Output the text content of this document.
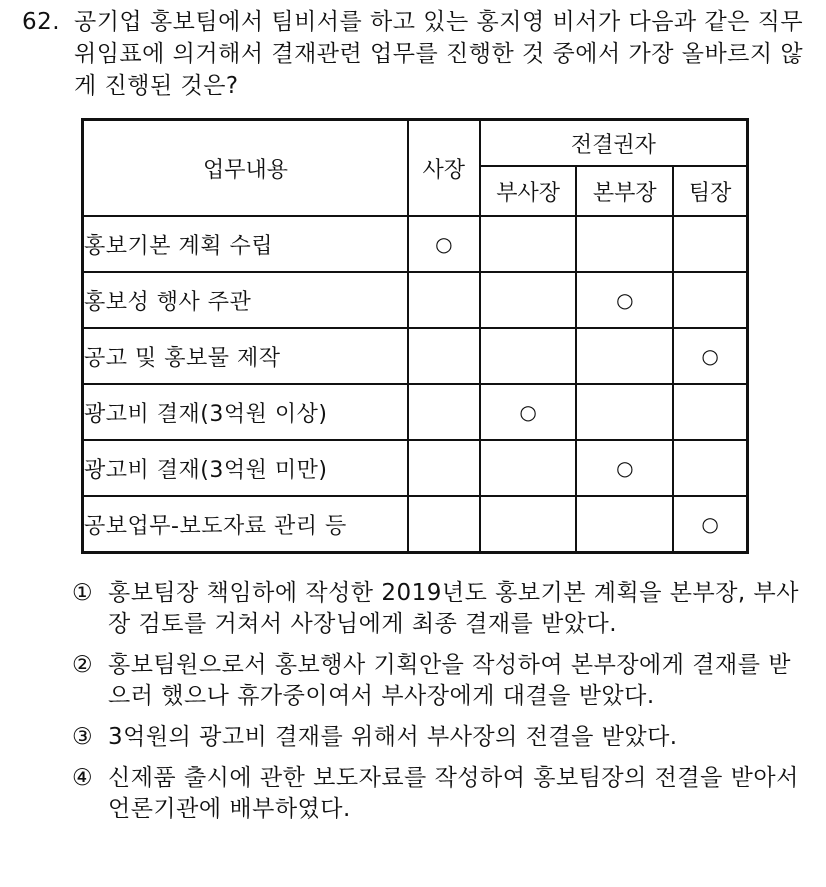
62. 공기업 홍보팀에서 팀비서를 하고 있는 홍지영 비서가 다음과 같은 직무위임표에 의거해서 결재관련 업무를 진행한 것 중에서 가장 올바르지 않게 진행된 것은?
업무내용	사장	전결권자		
		부사장	본부장	팀장
홍보기본 계획 수립	○			
홍보성 행사 주관			○	
공고 및 홍보물 제작				○
광고비 결재(3억원 이상)		○		
광고비 결재(3억원 미만)			○	
공보업무-보도자료 관리 등				○
① 홍보팀장 책임하에 작성한 2019년도 홍보기본 계획을 본부장, 부사장 검토를 거쳐서 사장님에게 최종 결재를 받았다.
② 홍보팀원으로서 홍보행사 기획안을 작성하여 본부장에게 결재를 받으러 했으나 휴가중이여서 부사장에게 대결을 받았다.
③ 3억원의 광고비 결재를 위해서 부사장의 전결을 받았다.
④ 신제품 출시에 관한 보도자료를 작성하여 홍보팀장의 전결을 받아서 언론기관에 배부하였다.
